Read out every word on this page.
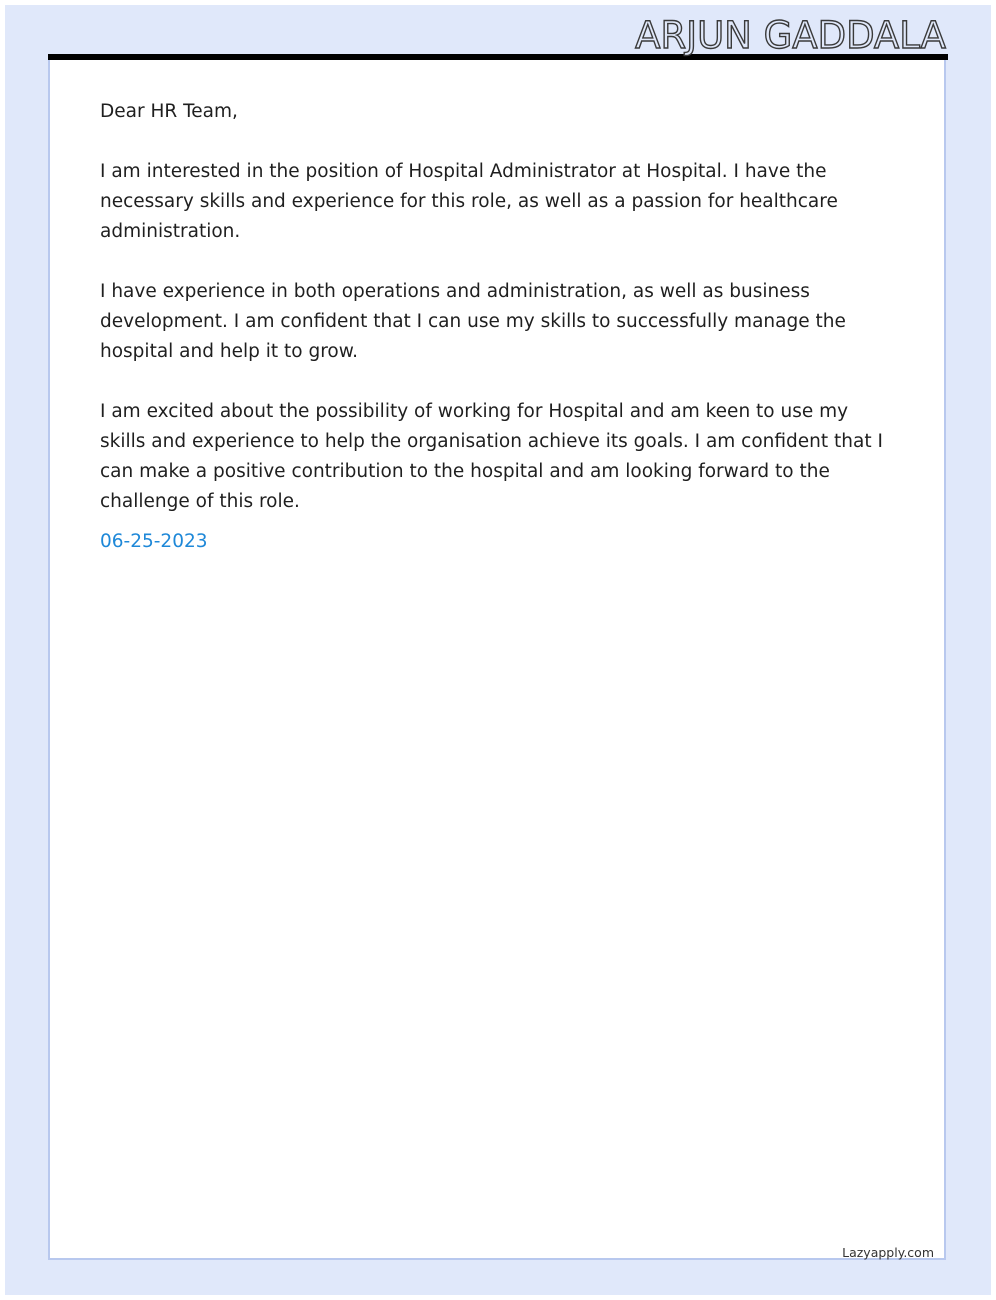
ARJUN GADDALA

Dear HR Team,

I am interested in the position of Hospital Administrator at Hospital. I have the necessary skills and experience for this role, as well as a passion for healthcare administration.

I have experience in both operations and administration, as well as business development. I am confident that I can use my skills to successfully manage the hospital and help it to grow.

I am excited about the possibility of working for Hospital and am keen to use my skills and experience to help the organisation achieve its goals. I am confident that I can make a positive contribution to the hospital and am looking forward to the challenge of this role.

06-25-2023
Lazyapply.com
